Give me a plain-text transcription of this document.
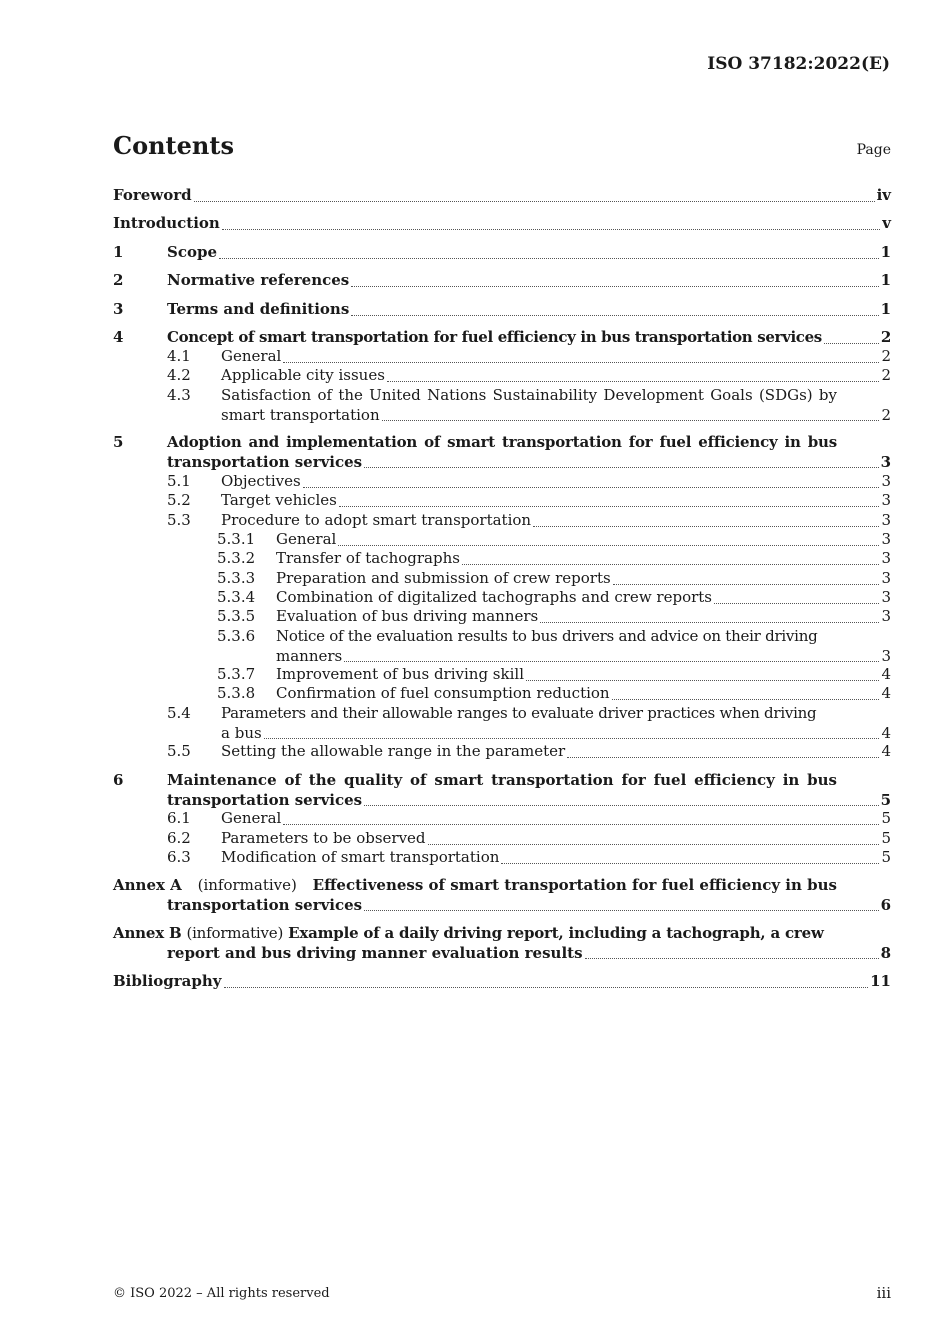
ISO 37182:2022(E)
Contents	Page
Foreword	iv
Introduction	v
1	Scope	1
2	Normative references	1
3	Terms and definitions	1
4	Concept of smart transportation for fuel efficiency in bus transportation services	2
4.1	General	2
4.2	Applicable city issues	2
4.3	Satisfaction of the United Nations Sustainability Development Goals (SDGs) by
smart transportation	2
5	Adoption and implementation of smart transportation for fuel efficiency in bus
transportation services	3
5.1	Objectives	3
5.2	Target vehicles	3
5.3	Procedure to adopt smart transportation	3
5.3.1	General	3
5.3.2	Transfer of tachographs	3
5.3.3	Preparation and submission of crew reports	3
5.3.4	Combination of digitalized tachographs and crew reports	3
5.3.5	Evaluation of bus driving manners	3
5.3.6	Notice of the evaluation results to bus drivers and advice on their driving
manners	3
5.3.7	Improvement of bus driving skill	4
5.3.8	Confirmation of fuel consumption reduction	4
5.4	Parameters and their allowable ranges to evaluate driver practices when driving
a bus	4
5.5	Setting the allowable range in the parameter	4
6	Maintenance of the quality of smart transportation for fuel efficiency in bus
transportation services	5
6.1	General	5
6.2	Parameters to be observed	5
6.3	Modification of smart transportation	5
Annex A (informative) Effectiveness of smart transportation for fuel efficiency in bus
transportation services	6
Annex B (informative) Example of a daily driving report, including a tachograph, a crew
report and bus driving manner evaluation results	8
Bibliography	11
© ISO 2022 – All rights reserved	iii
